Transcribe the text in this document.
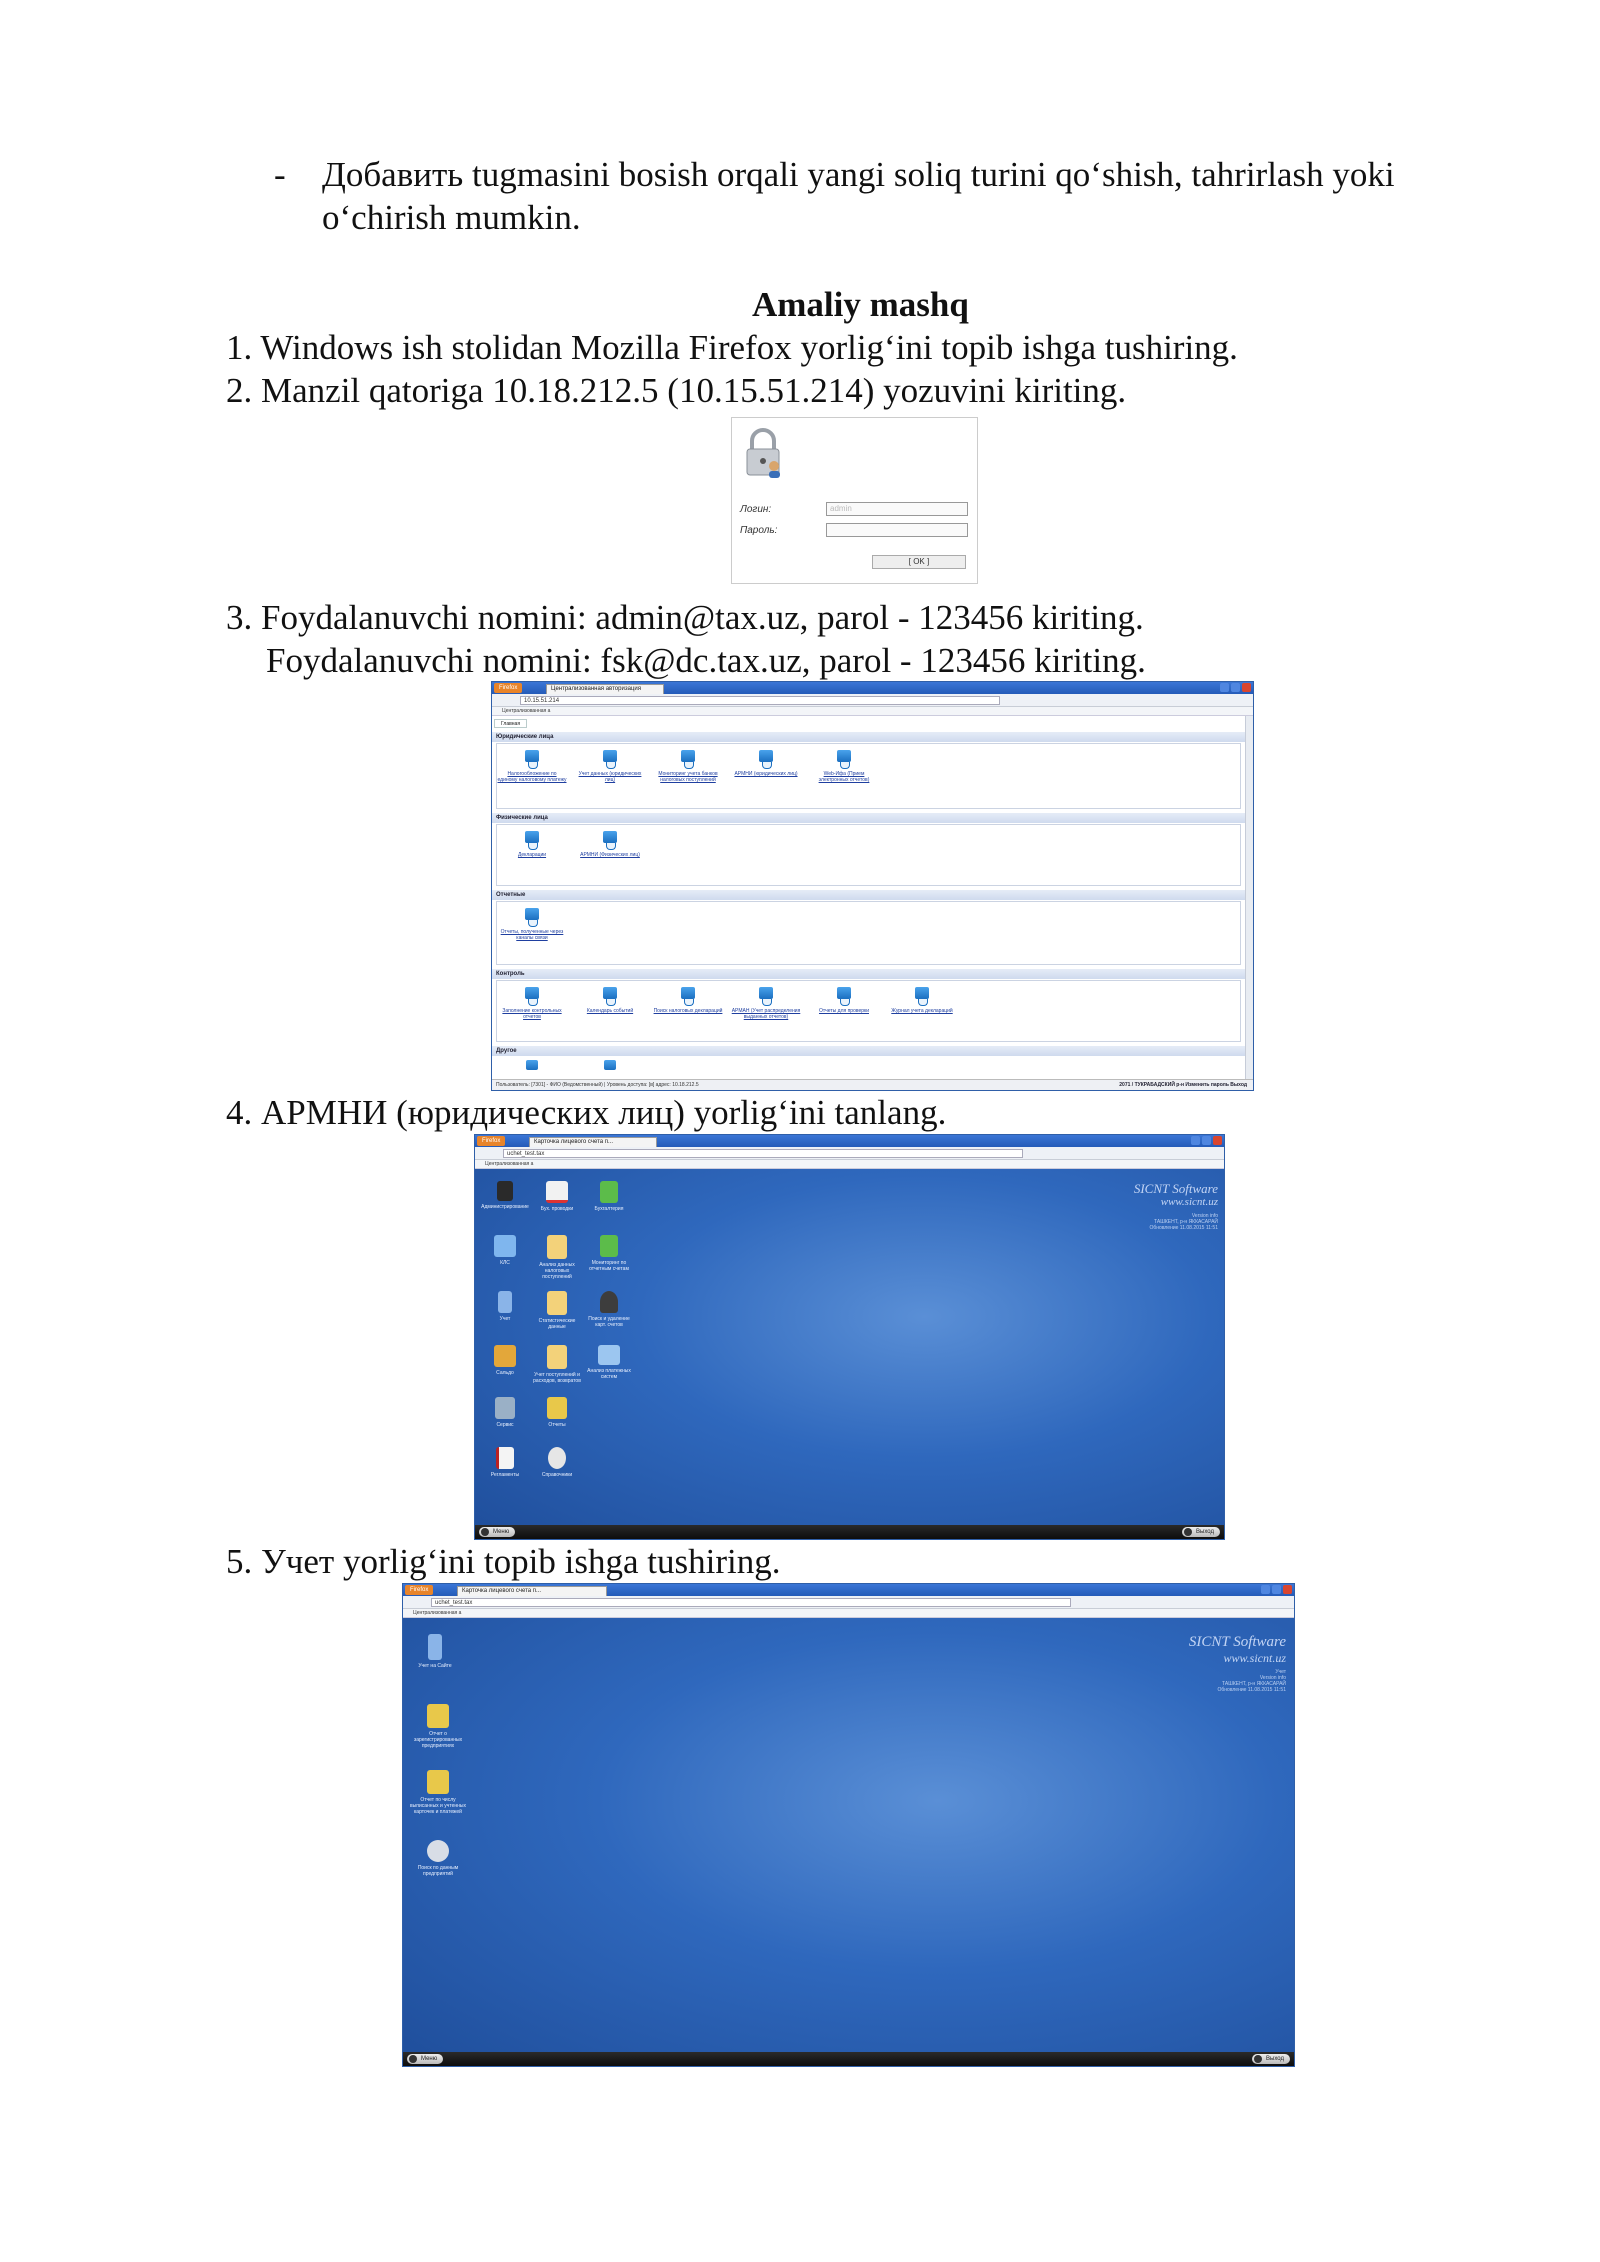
- Добавить tugmasini bosish orqali yangi soliq turini qo‘shish, tahrirlash yoki
o‘chirish mumkin.
Amaliy mashq
1. Windows ish stolidan Mozilla Firefox yorlig‘ini topib ishga tushiring.
2. Manzil qatoriga 10.18.212.5 (10.15.51.214) yozuvini kiriting.
Логин:	admin
Пароль:
[ OK ]
3. Foydalanuvchi nomini: admin@tax.uz, parol - 123456 kiriting.
Foydalanuvchi nomini: fsk@dc.tax.uz, parol - 123456 kiriting.
Firefox	Централизованная авторизация
10.15.51.214
Централизованная а
Главная
Юридические лица
Налогообложение по единому налоговому платежу
Учет данных (юридических лиц)
Мониторинг учета банков налоговых поступлений
АРМНИ (юридических лиц)	Web-Ифа (Прием электронных отчетов)
Физические лица
Декларации	АРМНИ (Физических лиц)
Отчетные
Отчеты, полученные через каналы связи
Контроль
Заполнение контрольных отчетов
Календарь событий	Поиск налоговых деклараций АРМАН (Учет распределения выданных отчетов)
Отчеты для проверки	Журнал учета деклараций
Другое
Пользователь: [7301] - ФИО (Ведомственный) | Уровень доступа: [в] адрес: 10.18.212.5	2071 / ТУКРАБАДСКИЙ р-н Изменить пароль Выход
4. АРМНИ (юридических лиц) yorlig‘ini tanlang.
Firefox	Карточка лицевого счета п...
uchet_test.tax
Централизованная а
SICNT Software
www.sicnt.uz
Version info
ТАШКЕНТ, р-н ЯККАСАРАЙ
Обновление 11.08.2015 11:51
Администрирование	Бух. проводки	Бухгалтерия
КЛС	Анализ данных налоговых поступлений
Мониторинг по отчетным счетам
Учет	Статистические данные
Поиск и удаление карт. счетов
Сальдо	Учет поступлений и расходов, возвратов
Анализ платежных систем
Сервис	Отчеты
Регламенты	Справочники
Меню	Выход
5. Учет yorlig‘ini topib ishga tushiring.
Firefox	Карточка лицевого счета п...
uchet_test.tax
Централизованная а
SICNT Software
www.sicnt.uz
Учет
Version info
ТАШКЕНТ, р-н ЯККАСАРАЙ
Обновление 11.08.2015 11:51
Учет на Сайте
Отчет о зарегистрированных предприятиях
Отчет по числу выписанных и учтенных карточек и платежей
Поиск по данным предприятий
Меню	Выход
